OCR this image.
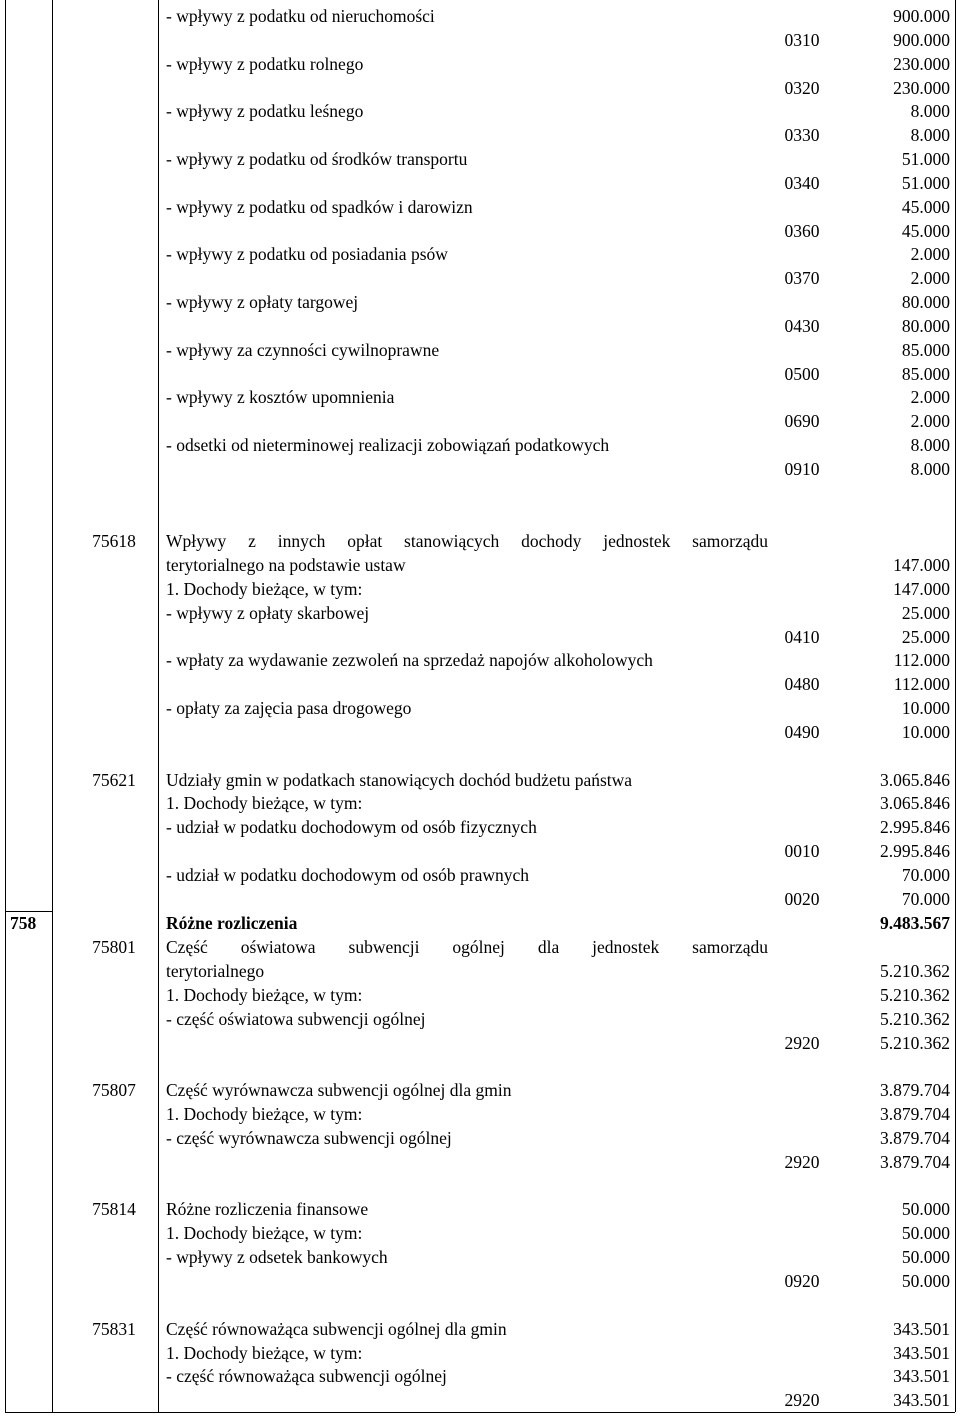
- wpływy z podatku od nieruchomości	900.000
0310	900.000
- wpływy z podatku rolnego	230.000
0320	230.000
- wpływy z podatku leśnego	8.000
0330	8.000
- wpływy z podatku od środków transportu	51.000
0340	51.000
- wpływy z podatku od spadków i darowizn	45.000
0360	45.000
- wpływy z podatku od posiadania psów	2.000
0370	2.000
- wpływy z opłaty targowej	80.000
0430	80.000
- wpływy za czynności cywilnoprawne	85.000
0500	85.000
- wpływy z kosztów upomnienia	2.000
0690	2.000
- odsetki od nieterminowej realizacji zobowiązań podatkowych	8.000
0910	8.000
75618	Wpływy z innych opłat stanowiących dochody jednostek samorządu
terytorialnego na podstawie ustaw	147.000
1. Dochody bieżące, w tym:	147.000
- wpływy z opłaty skarbowej	25.000
0410	25.000
- wpłaty za wydawanie zezwoleń na sprzedaż napojów alkoholowych	112.000
0480	112.000
- opłaty za zajęcia pasa drogowego	10.000
0490	10.000
75621	Udziały gmin w podatkach stanowiących dochód budżetu państwa	3.065.846
1. Dochody bieżące, w tym:	3.065.846
- udział w podatku dochodowym od osób fizycznych	2.995.846
0010	2.995.846
- udział w podatku dochodowym od osób prawnych	70.000
0020	70.000
758	Różne rozliczenia	9.483.567
75801	Część oświatowa subwencji ogólnej dla jednostek samorządu
terytorialnego	5.210.362
1. Dochody bieżące, w tym:	5.210.362
- część oświatowa subwencji ogólnej	5.210.362
2920	5.210.362
75807	Część wyrównawcza subwencji ogólnej dla gmin	3.879.704
1. Dochody bieżące, w tym:	3.879.704
- część wyrównawcza subwencji ogólnej	3.879.704
2920	3.879.704
75814	Różne rozliczenia finansowe	50.000
1. Dochody bieżące, w tym:	50.000
- wpływy z odsetek bankowych	50.000
0920	50.000
75831	Część równoważąca subwencji ogólnej dla gmin	343.501
1. Dochody bieżące, w tym:	343.501
- część równoważąca subwencji ogólnej	343.501
2920	343.501
